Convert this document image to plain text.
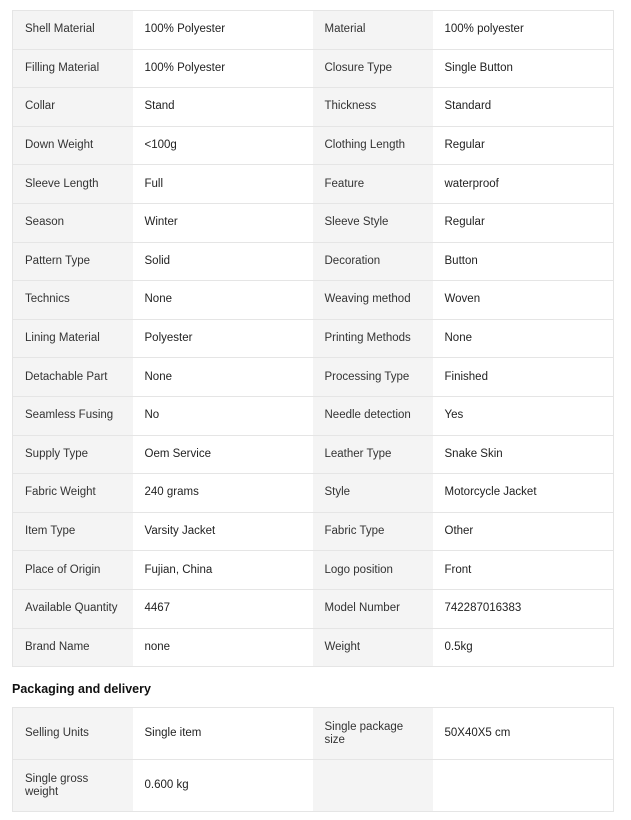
Shell Material	100% Polyester	Material	100% polyester
Filling Material	100% Polyester	Closure Type	Single Button
Collar	Stand	Thickness	Standard
Down Weight	<100g	Clothing Length	Regular
Sleeve Length	Full	Feature	waterproof
Season	Winter	Sleeve Style	Regular
Pattern Type	Solid	Decoration	Button
Technics	None	Weaving method	Woven
Lining Material	Polyester	Printing Methods	None
Detachable Part	None	Processing Type	Finished
Seamless Fusing	No	Needle detection	Yes
Supply Type	Oem Service	Leather Type	Snake Skin
Fabric Weight	240 grams	Style	Motorcycle Jacket
Item Type	Varsity Jacket	Fabric Type	Other
Place of Origin	Fujian, China	Logo position	Front
Available Quantity	4467	Model Number	742287016383
Brand Name	none	Weight	0.5kg
Packaging and delivery
Selling Units	Single item	Single package size	50X40X5 cm
Single gross weight	0.600 kg		
